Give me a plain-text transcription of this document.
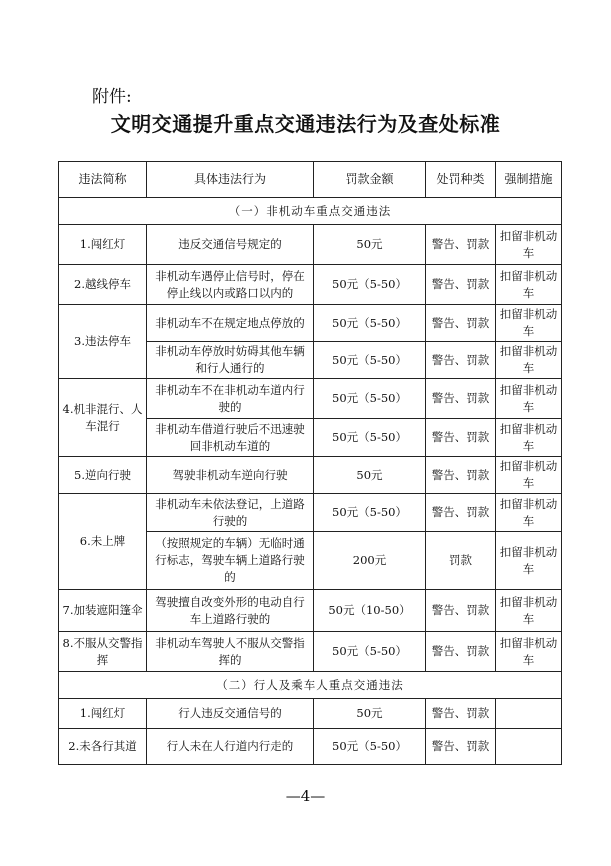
附件:
文明交通提升重点交通违法行为及查处标准
违法简称	具体违法行为	罚款金额	处罚种类	强制措施
（一）非机动车重点交通违法				
1.闯红灯	违反交通信号规定的	50元	警告、罚款	扣留非机动车
2.越线停车	非机动车遇停止信号时，停在停止线以内或路口以内的	50元（5-50）	警告、罚款	扣留非机动车
3.违法停车	非机动车不在规定地点停放的	50元（5-50）	警告、罚款	扣留非机动车
	非机动车停放时妨碍其他车辆和行人通行的	50元（5-50）	警告、罚款	扣留非机动车
4.机非混行、人车混行	非机动车不在非机动车道内行驶的	50元（5-50）	警告、罚款	扣留非机动车
	非机动车借道行驶后不迅速驶回非机动车道的	50元（5-50）	警告、罚款	扣留非机动车
5.逆向行驶	驾驶非机动车逆向行驶	50元	警告、罚款	扣留非机动车
6.未上牌	非机动车未依法登记，上道路行驶的	50元（5-50）	警告、罚款	扣留非机动车
	（按照规定的车辆）无临时通行标志，驾驶车辆上道路行驶的	200元	罚款	扣留非机动车
7.加装遮阳篷伞	驾驶擅自改变外形的电动自行车上道路行驶的	50元（10-50）	警告、罚款	扣留非机动车
8.不服从交警指挥	非机动车驾驶人不服从交警指挥的	50元（5-50）	警告、罚款	扣留非机动车
（二）行人及乘车人重点交通违法				
1.闯红灯	行人违反交通信号的	50元	警告、罚款	
2.未各行其道	行人未在人行道内行走的	50元（5-50）	警告、罚款	
—4—
